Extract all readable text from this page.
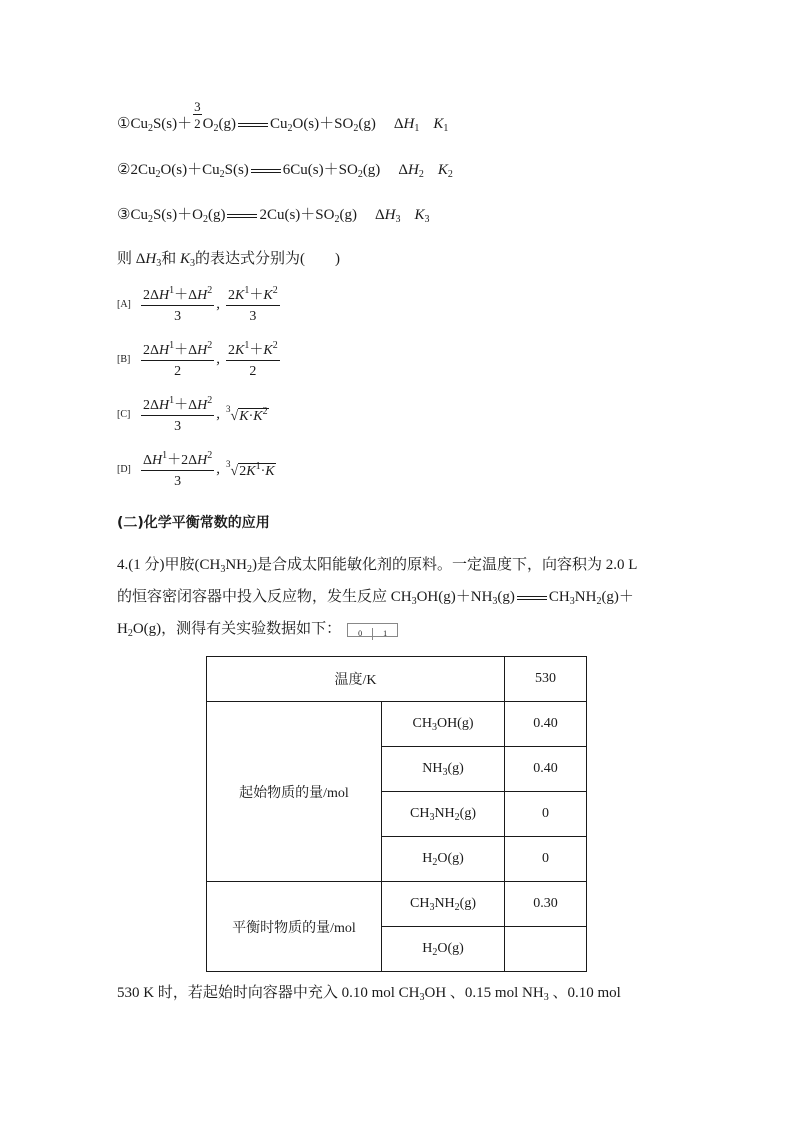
$①Cu_2S(s)+ \frac{3}{2} O_2(g)$ $Cu_2O(s)+SO_2(g)$ $\Delta H_1$ $K_1$
$②2Cu_2O(s)+Cu_2S(s)$ $6Cu(s)+SO_2(g)$ $\Delta H_2$ $K_2$
$③Cu_2S(s)+O_2(g)$ $2Cu(s)+SO_2(g)$ $\Delta H_3$ $K_3$
则 $\Delta H_3$和 $K_3$的表达式分别为(　　)
$[A] \frac{2\Delta H^1+\Delta H^2}{3}$ , $\frac{2K^1+K^2}{3}$
$[B] \frac{2\Delta H^1+\Delta H^2}{2}$ , $\frac{2K^1+K^2}{2}$
$[C] \frac{2\Delta H^1+\Delta H^2}{3}$ , $^3√K\cdot K^2$
$[D] \frac{\Delta H^1+2\Delta H^2}{3}$ , $^3√2K^1\cdot K$
(二)化学平衡常数的应用
4.(1 分)甲胺$(CH_3NH_2)$是合成太阳能敏化剂的原料。一定温度下，向容积为 2.0 L
的恒容密闭容器中投入反应物，发生反应 $CH_3OH(g)+NH_3(g)$ $CH_3NH_2(g)+$
$H_2O(g)$，测得有关实验数据如下： 0	1
温度/K		530
起始物质的量/mol	$CH_3OH(g)$	0.40
	$NH_3(g)$	0.40
	$CH_3NH_2(g)$	0
	$H_2O(g)$	0
平衡时物质的量/mol	$CH_3NH_2(g)$	0.30
	$H_2O(g)$	
530 K 时，若起始时向容器中充入 0.10 mol $CH_3OH$ 、0.15 mol $NH_3$ 、0.10 mol
